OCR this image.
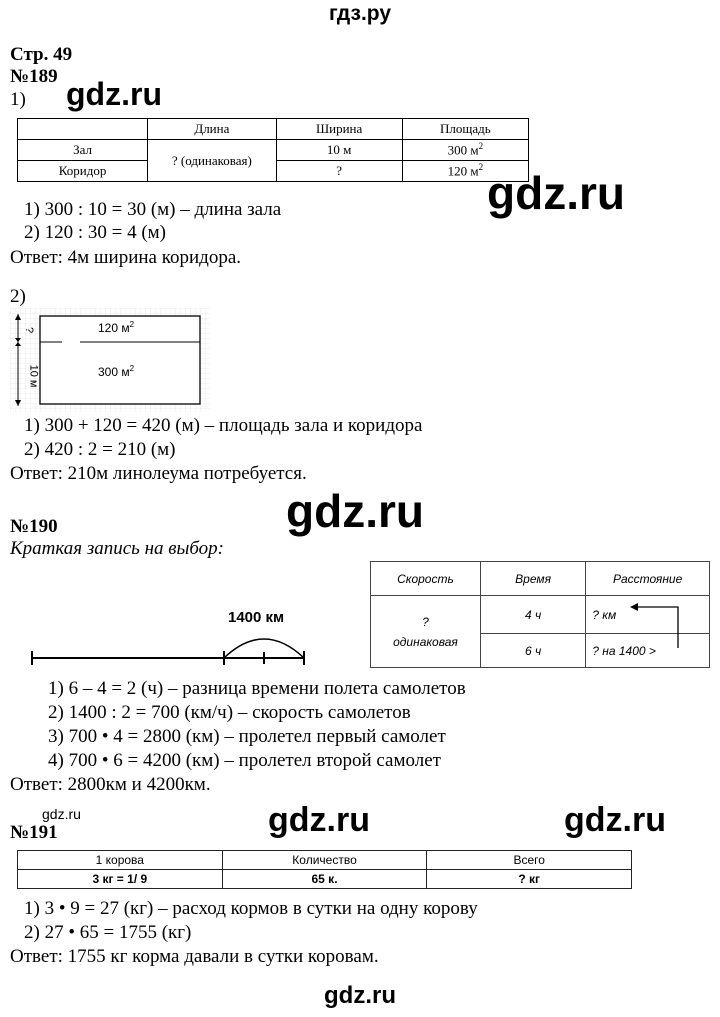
гдз.ру
Стр. 49
№189
1) gdz.ru
	Длина	Ширина	Площадь
Зал	? (одинаковая)	10 м	300 $м^2$
Коридор		?	120 $м^2$ gdz.ru
1) 300 : 10 = 30 (м) – длина зала
2) 120 : 30 = 4 (м)
Ответ: 4м ширина коридора.
2)
120 $м^2$
300 $м^2$
?
10 м
1) 300 + 120 = 420 (м) – площадь зала и коридора
2) 420 : 2 = 210 (м)
Ответ: 210м линолеума потребуется.
gdz.ru
№190
Краткая запись на выбор:
Скорость	Время	Расстояние

?
одинаковая	4 ч	? км
	6 ч	? на 1400 >
1400 км
1) 6 – 4 = 2 (ч) – разница времени полета самолетов
2) 1400 : 2 = 700 (км/ч) – скорость самолетов
3) 700 • 4 = 2800 (км) – пролетел первый самолет
4) 700 • 6 = 4200 (км) – пролетел второй самолет
Ответ: 2800км и 4200км.
gdz.ru
№191	gdz.ru	gdz.ru
1 корова	Количество	Всего
3 кг = 1/ 9	65 к.	? кг
1) 3 • 9 = 27 (кг) – расход кормов в сутки на одну корову
2) 27 • 65 = 1755 (кг)
Ответ: 1755 кг корма давали в сутки коровам.
gdz.ru
